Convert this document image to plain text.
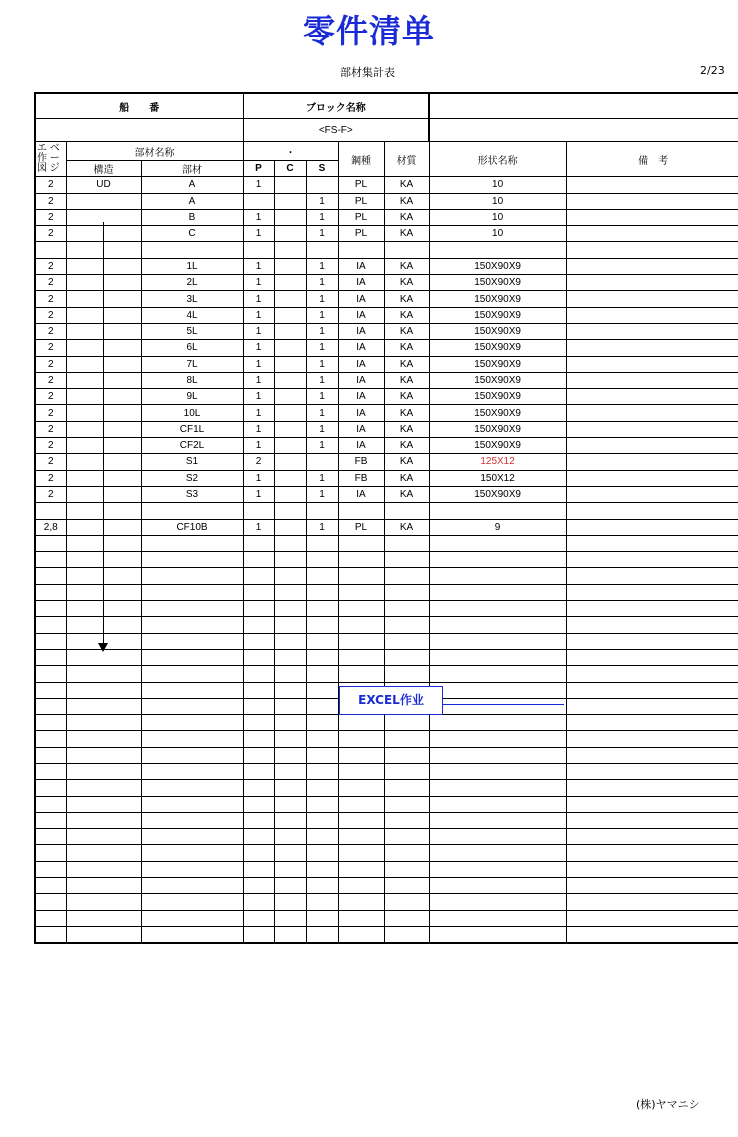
零件清单
部材集計表	2/23
船　　番			ブロック名称						
			<FS-F>						
エ ベ
作 ー
図 ジ	部材名称		・			鋼種	材質	形状名称	備　考
	構造	部材	P	C	S				
2	UD	A	1			PL	KA	10	
2		A			1	PL	KA	10	
2		B	1		1	PL	KA	10	
2		C	1		1	PL	KA	10	

2		1L	1		1	IA	KA	150X90X9	
2		2L	1		1	IA	KA	150X90X9	
2		3L	1		1	IA	KA	150X90X9	
2		4L	1		1	IA	KA	150X90X9	
2		5L	1		1	IA	KA	150X90X9	
2		6L	1		1	IA	KA	150X90X9	
2		7L	1		1	IA	KA	150X90X9	
2		8L	1		1	IA	KA	150X90X9	
2		9L	1		1	IA	KA	150X90X9	
2		10L	1		1	IA	KA	150X90X9	
2		CF1L	1		1	IA	KA	150X90X9	
2		CF2L	1		1	IA	KA	150X90X9	
2		S1	2			FB	KA	125X12	
2		S2	1		1	FB	KA	150X12	
2		S3	1		1	IA	KA	150X90X9	

2,8		CF10B	1		1	PL	KA	9	

EXCEL作业
(株)ヤマニシ
